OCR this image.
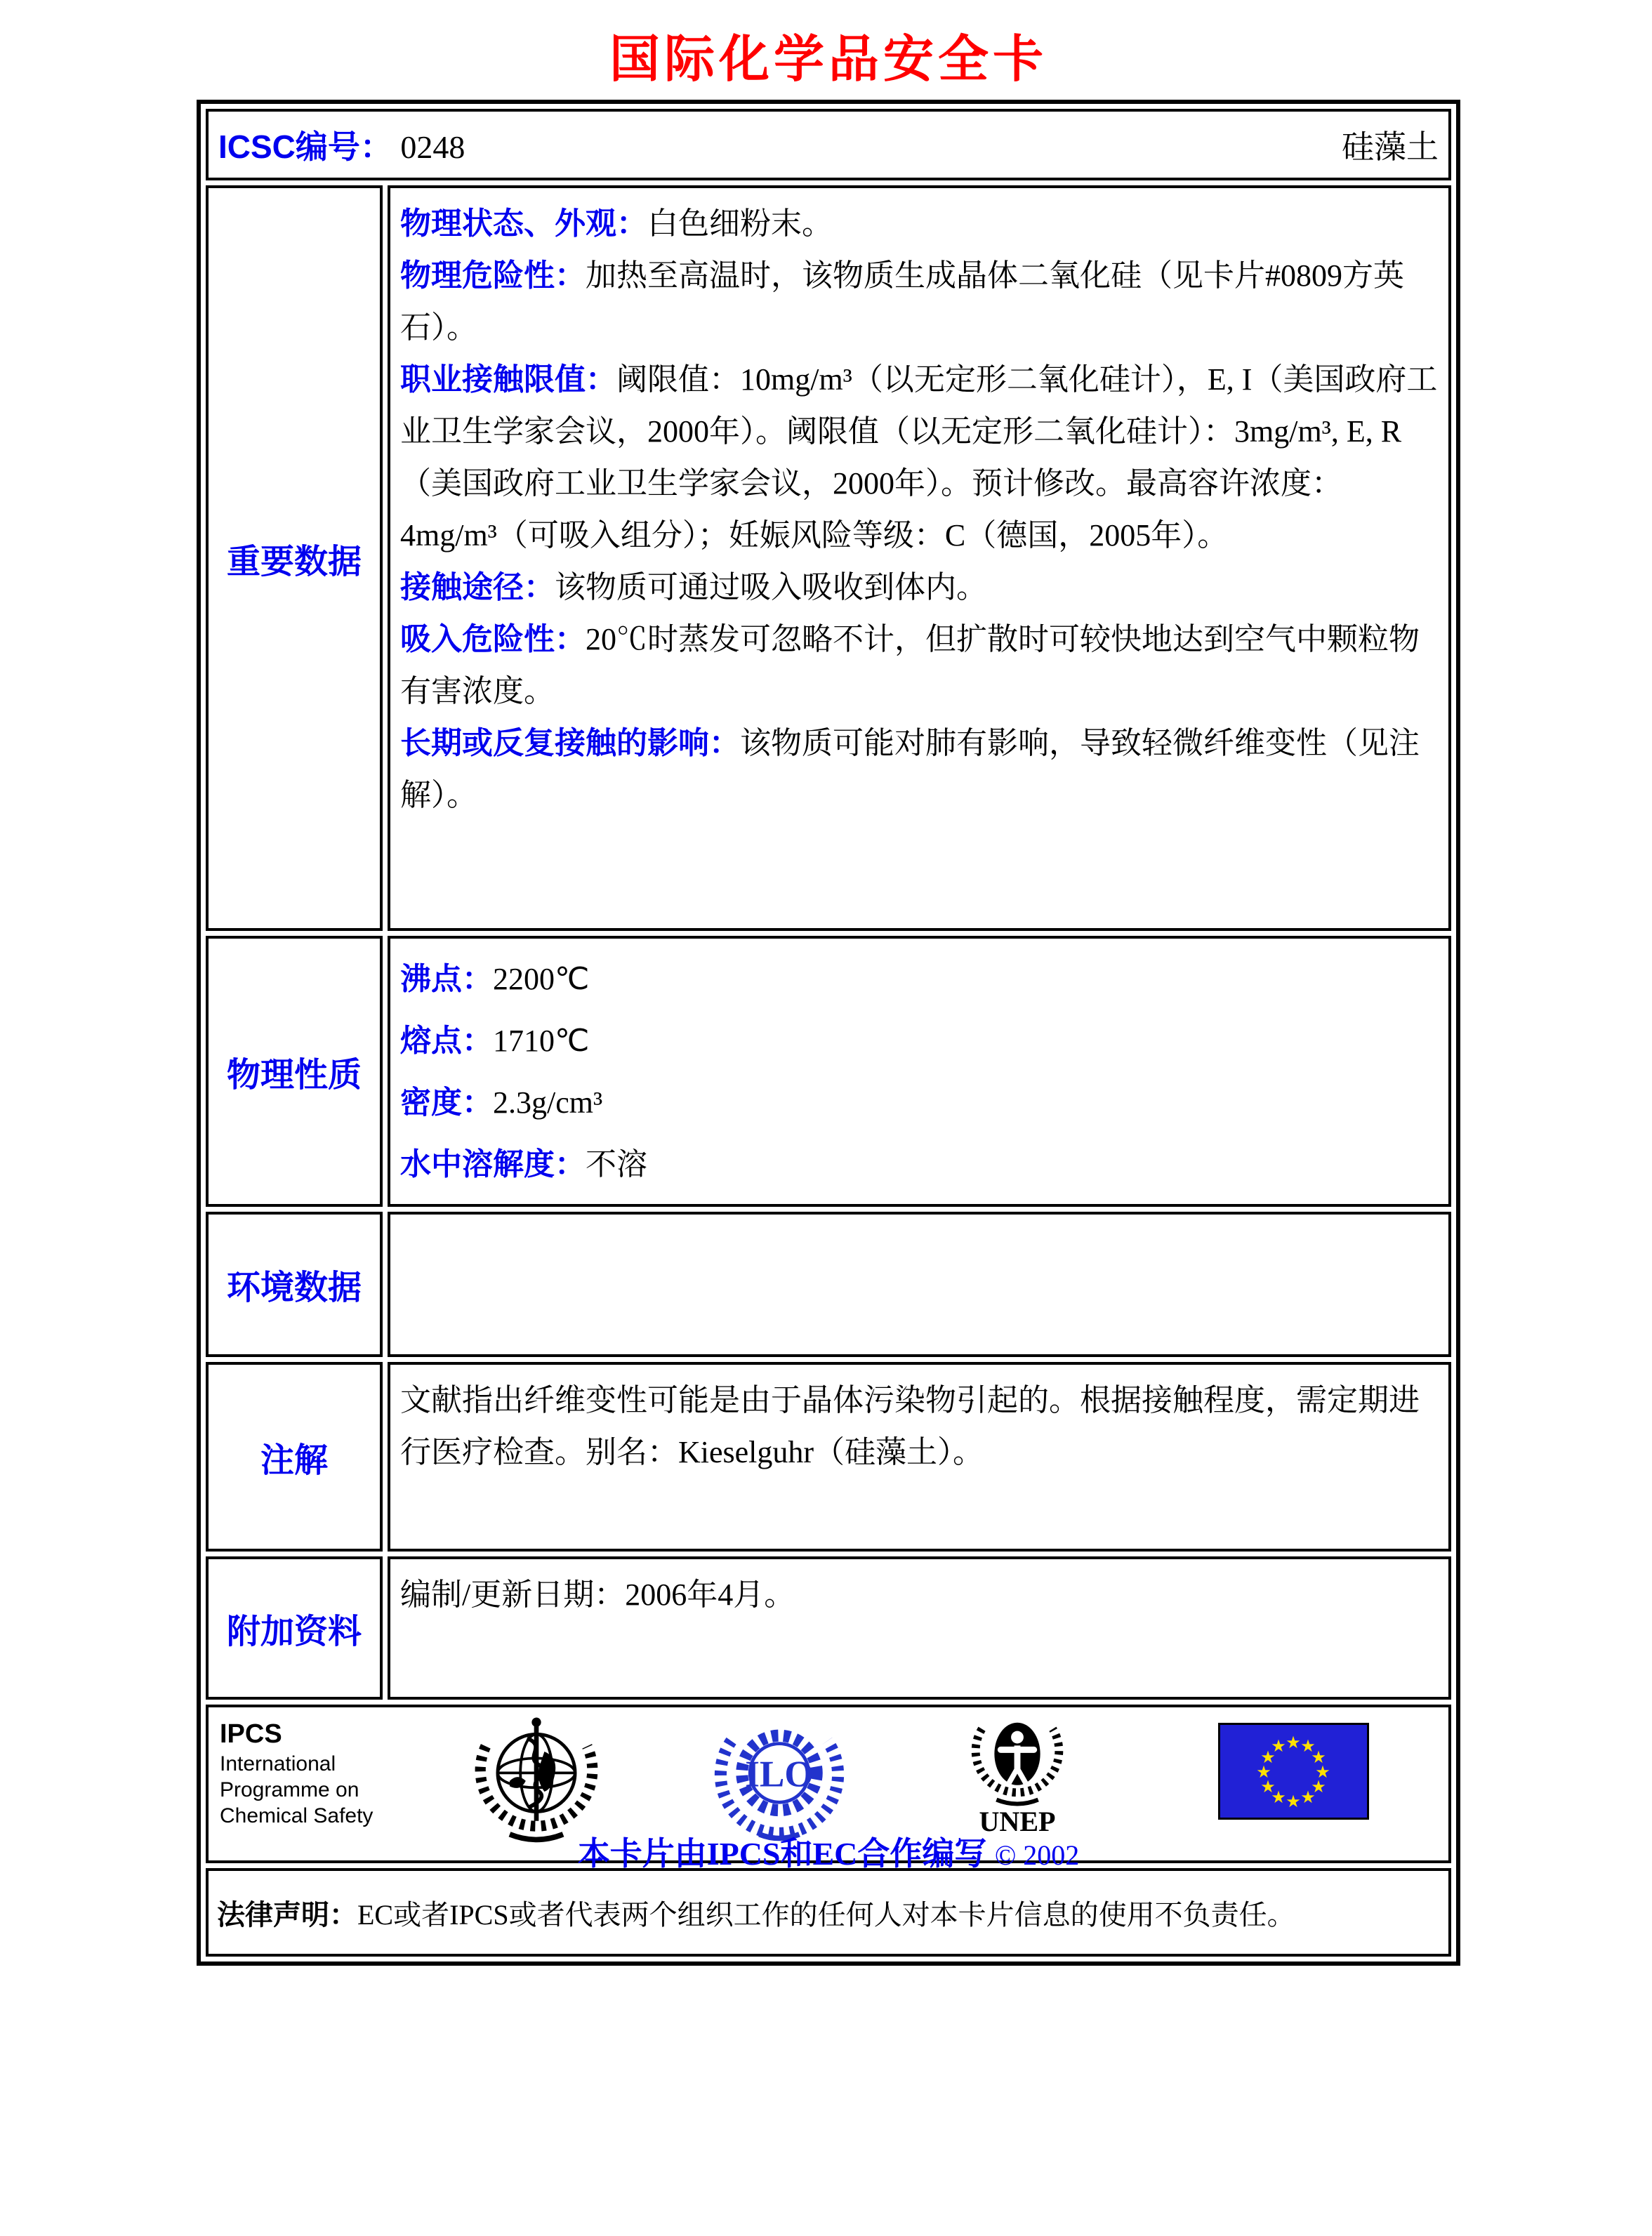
国际化学品安全卡
ICSC编号： 0248	硅藻土
重要数据

物理状态、外观：白色细粉末。

物理危险性：加热至高温时，该物质生成晶体二氧化硅（见卡片#0809方英石）。

职业接触限值：阈限值：10mg/m³（以无定形二氧化硅计），E, I（美国政府工业卫生学家会议，2000年）。阈限值（以无定形二氧化硅计）：3mg/m³, E, R（美国政府工业卫生学家会议，2000年）。预计修改。最高容许浓度：4mg/m³（可吸入组分）；妊娠风险等级：C（德国，2005年）。

接触途径：该物质可通过吸入吸收到体内。

吸入危险性：20℃时蒸发可忽略不计，但扩散时可较快地达到空气中颗粒物有害浓度。

长期或反复接触的影响：该物质可能对肺有影响，导致轻微纤维变性（见注解）。

物理性质

沸点：2200℃

熔点：1710℃

密度：2.3g/cm³

水中溶解度：不溶

环境数据
注解

文献指出纤维变性可能是由于晶体污染物引起的。根据接触程度，需定期进行医疗检查。别名：Kieselguhr（硅藻土）。

附加资料

编制/更新日期：2006年4月。

IPCS
International
Programme on
Chemical Safety
ILO
UNEP
★ ★
★
★
★
★
★
★
★
★
★
★
本卡片由IPCS和EC合作编写 © 2002
法律声明： EC或者IPCS或者代表两个组织工作的任何人对本卡片信息的使用不负责任。
